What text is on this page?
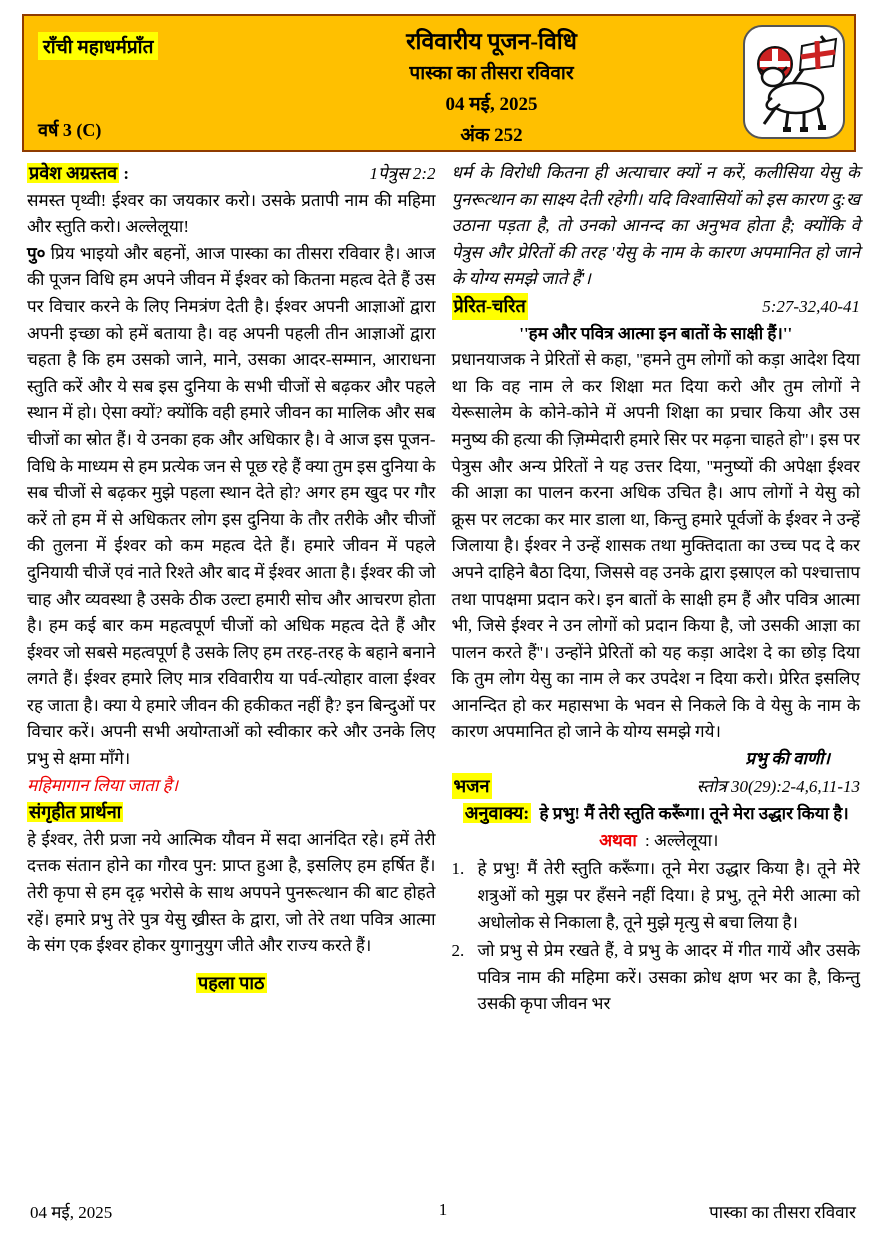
राँची महाधर्मप्राँत
वर्ष 3 (C)
रविवारीय पूजन-विधि
पास्का का तीसरा रविवार
04 मई, 2025
अंक 252
प्रवेश अग्रस्तव :	1पेत्रुस 2:2
समस्त पृथ्वी! ईश्वर का जयकार करो। उसके प्रतापी नाम की महिमा और स्तुति करो। अल्लेलूया!
पु० प्रिय भाइयो और बहनों, आज पास्का का तीसरा रविवार है। आज की पूजन विधि हम अपने जीवन में ईश्वर को कितना महत्व देते हैं उस पर विचार करने के लिए निमत्रंण देती है। ईश्वर अपनी आज्ञाओं द्वारा अपनी इच्छा को हमें बताया है। वह अपनी पहली तीन आज्ञाओं द्वारा चहता है कि हम उसको जाने, माने, उसका आदर-सम्मान, आराधना स्तुति करें और ये सब इस दुनिया के सभी चीजों से बढ़कर और पहले स्थान में हो। ऐसा क्यों? क्योंकि वही हमारे जीवन का मालिक और सब चीजों का स्रोत हैं। ये उनका हक और अधिकार है। वे आज इस पूजन-विधि के माध्यम से हम प्रत्येक जन से पूछ रहे हैं क्या तुम इस दुनिया के सब चीजों से बढ़कर मुझे पहला स्थान देते हो? अगर हम खुद पर गौर करें तो हम में से अधिकतर लोग इस दुनिया के तौर तरीके और चीजों की तुलना में ईश्वर को कम महत्व देते हैं। हमारे जीवन में पहले दुनियायी चीजें एवं नाते रिश्ते और बाद में ईश्वर आता है। ईश्वर की जो चाह और व्यवस्था है उसके ठीक उल्टा हमारी सोच और आचरण होता है। हम कई बार कम महत्वपूर्ण चीजों को अधिक महत्व देते हैं और ईश्वर जो सबसे महत्वपूर्ण है उसके लिए हम तरह-तरह के बहाने बनाने लगते हैं। ईश्वर हमारे लिए मात्र रविवारीय या पर्व-त्योहार वाला ईश्वर रह जाता है। क्या ये हमारे जीवन की हकीकत नहीं है? इन बिन्दुओं पर विचार करें। अपनी सभी अयोग्ताओं को स्वीकार करे और उनके लिए प्रभु से क्षमा माँगे।
महिमागान लिया जाता है।
संगृहीत प्रार्थना
हे ईश्वर, तेरी प्रजा नये आत्मिक यौवन में सदा आनंदित रहे। हमें तेरी दत्तक संतान होने का गौरव पुन: प्राप्त हुआ है, इसलिए हम हर्षित हैं। तेरी कृपा से हम दृढ़ भरोसे के साथ अपपने पुनरूत्थान की बाट होहते रहें। हमारे प्रभु तेरे पुत्र येसु ख्रीस्त के द्वारा, जो तेरे तथा पवित्र आत्मा के संग एक ईश्वर होकर युगानुयुग जीते और राज्य करते हैं।
पहला पाठ
धर्म के विरोधी कितना ही अत्याचार क्यों न करें, कलीसिया येसु के पुनरूत्थान का साक्ष्य देती रहेगी। यदि विश्वासियों को इस कारण दु:ख उठाना पड़ता है, तो उनको आनन्द का अनुभव होता है; क्योंकि वे पेत्रुस और प्रेरितों की तरह 'येसु के नाम के कारण अपमानित हो जाने के योग्य समझे जाते हैं'।
प्रेरित-चरित	5:27-32,40-41
''हम और पवित्र आत्मा इन बातों के साक्षी हैं।''
प्रधानयाजक ने प्रेरितों से कहा, ''हमने तुम लोगों को कड़ा आदेश दिया था कि वह नाम ले कर शिक्षा मत दिया करो और तुम लोगों ने येरूसालेम के कोने-कोने में अपनी शिक्षा का प्रचार किया और उस मनुष्य की हत्या की ज़िम्मेदारी हमारे सिर पर मढ़ना चाहते हो''। इस पर पेत्रुस और अन्य प्रेरितों ने यह उत्तर दिया, ''मनुष्यों की अपेक्षा ईश्वर की आज्ञा का पालन करना अधिक उचित है। आप लोगों ने येसु को क्रूस पर लटका कर मार डाला था, किन्तु हमारे पूर्वजों के ईश्वर ने उन्हें जिलाया है। ईश्वर ने उन्हें शासक तथा मुक्तिदाता का उच्च पद दे कर अपने दाहिने बैठा दिया, जिससे वह उनके द्वारा इस्राएल को पश्चात्ताप तथा पापक्षमा प्रदान करे। इन बातों के साक्षी हम हैं और पवित्र आत्मा भी, जिसे ईश्वर ने उन लोगों को प्रदान किया है, जो उसकी आज्ञा का पालन करते हैं''। उन्होंने प्रेरितों को यह कड़ा आदेश दे का छोड़ दिया कि तुम लोग येसु का नाम ले कर उपदेश न दिया करो। प्रेरित इसलिए आनन्दित हो कर महासभा के भवन से निकले कि वे येसु के नाम के कारण अपमानित हो जाने के योग्य समझे गये।
प्रभु की वाणी।
भजन	स्तोत्र 30(29):2-4,6,11-13
अनुवाक्य: हे प्रभु! मैं तेरी स्तुति करूँगा। तूने मेरा उद्धार किया है। अथवा : अल्लेलूया।
1. हे प्रभु! मैं तेरी स्तुति करूँगा। तूने मेरा उद्धार किया है। तूने मेरे शत्रुओं को मुझ पर हँसने नहीं दिया। हे प्रभु, तूने मेरी आत्मा को अधोलोक से निकाला है, तूने मुझे मृत्यु से बचा लिया है।
2. जो प्रभु से प्रेम रखते हैं, वे प्रभु के आदर में गीत गायें और उसके पवित्र नाम की महिमा करें। उसका क्रोध क्षण भर का है, किन्तु उसकी कृपा जीवन भर
1
04 मई, 2025	पास्का का तीसरा रविवार
